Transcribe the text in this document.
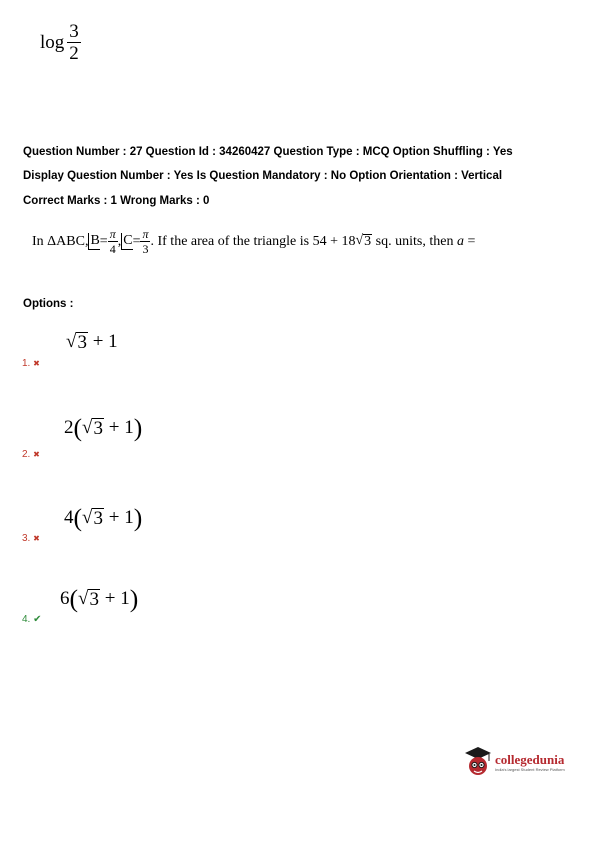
$\log \frac{3}{2}$
Question Number : 27 Question Id : 34260427 Question Type : MCQ Option Shuffling : Yes
Display Question Number : Yes Is Question Mandatory : No Option Orientation : Vertical
Correct Marks : 1 Wrong Marks : 0
In ΔABC, $B = \frac{\pi}{4}$ , $C = \frac{\pi}{3}$ . If the area of the triangle is 54 + 18 √ 3 sq. units, then a =
Options :
√ 3 + 1
1. ✖
2 ( √ 3 + 1 )
2. ✖
4 ( √ 3 + 1 )
3. ✖
6 ( √ 3 + 1 )
4. ✔
collegedunia
India's largest Student Review Platform
